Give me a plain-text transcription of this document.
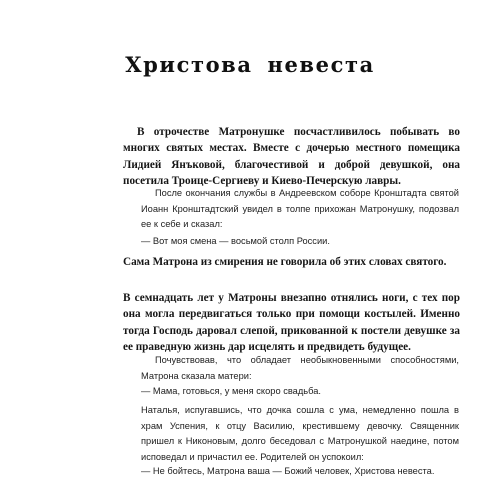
Христова невеста

В отрочестве Матронушке посчастливилось побывать во многих святых местах. Вместе с дочерью местного помещика Лидией Янъковой, благочестивой и доброй девушкой, она посетила Троице-Сергиеву и Киево-Печерскую лавры.

После окончания службы в Андреевском соборе Кронштадта святой Иоанн Кронштадтский увидел в толпе прихожан Матронушку, подозвал ее к себе и сказал:

— Вот моя смена — восьмой столп России.

Сама Матрона из смирения не говорила об этих словах святого.

В семнадцать лет у Матроны внезапно отнялись ноги, с тех пор она могла передвигаться только при помощи костылей. Именно тогда Господь даровал слепой, прикованной к постели девушке за ее праведную жизнь дар исцелять и предвидеть будущее.

Почувствовав, что обладает необыкновенными способностями, Матрона сказала матери:

— Мама, готовься, у меня скоро свадьба.

Наталья, испугавшись, что дочка сошла с ума, немедленно пошла в храм Успения, к отцу Василию, крестившему девочку. Священник пришел к Никоновым, долго беседовал с Матронушкой наедине, потом исповедал и причастил ее. Родителей он успокоил:

— Не бойтесь, Матрона ваша — Божий человек, Христова невеста.
